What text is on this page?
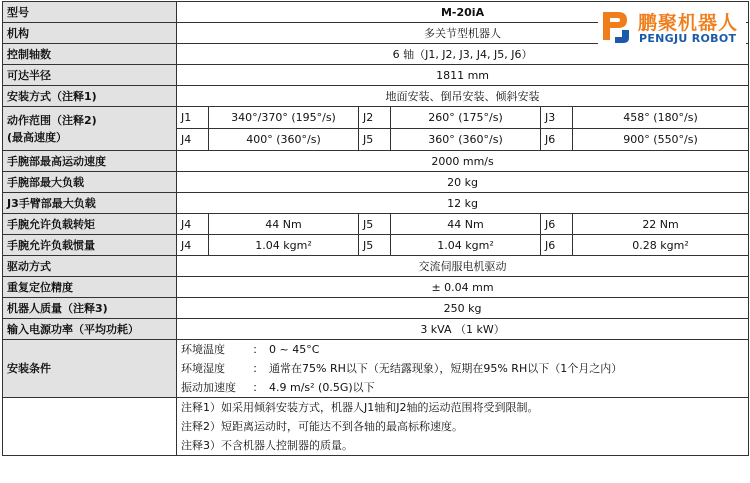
型号	M-20iA					
机构	多关节型机器人					
控制轴数	6 轴（J1, J2, J3, J4, J5, J6）					
可达半径	1811 mm					
安装方式（注释1)	地面安装、倒吊安装、倾斜安装					
动作范围（注释2)
(最高速度）	J1	340°/370° (195°/s)	J2	260° (175°/s)	J3	458° (180°/s)
	J4	400° (360°/s)	J5	360° (360°/s)	J6	900° (550°/s)
手腕部最高运动速度	2000 mm/s					
手腕部最大负载	20 kg					
J3手臂部最大负载	12 kg					
手腕允许负载转矩	J4	44 Nm	J5	44 Nm	J6	22 Nm
手腕允许负载惯量	J4	1.04 kgm²	J5	1.04 kgm²	J6	0.28 kgm²
驱动方式	交流伺服电机驱动					
重复定位精度	± 0.04 mm					
机器人质量（注释3)	250 kg					
输入电源功率（平均功耗）	3 kVA （1 kW）					
安装条件	环境温度 ： 0 ~ 45°C
环境湿度 ： 通常在75% RH以下（无结露现象），短期在95% RH以下（1个月之内）
振动加速度 ： 4.9 m/s² (0.5G)以下					

	注释1）如采用倾斜安装方式，机器人J1轴和J2轴的运动范围将受到限制。
注释2）短距离运动时，可能达不到各轴的最高标称速度。
注释3）不含机器人控制器的质量。					
鹏聚机器人
PENGJU ROBOT
